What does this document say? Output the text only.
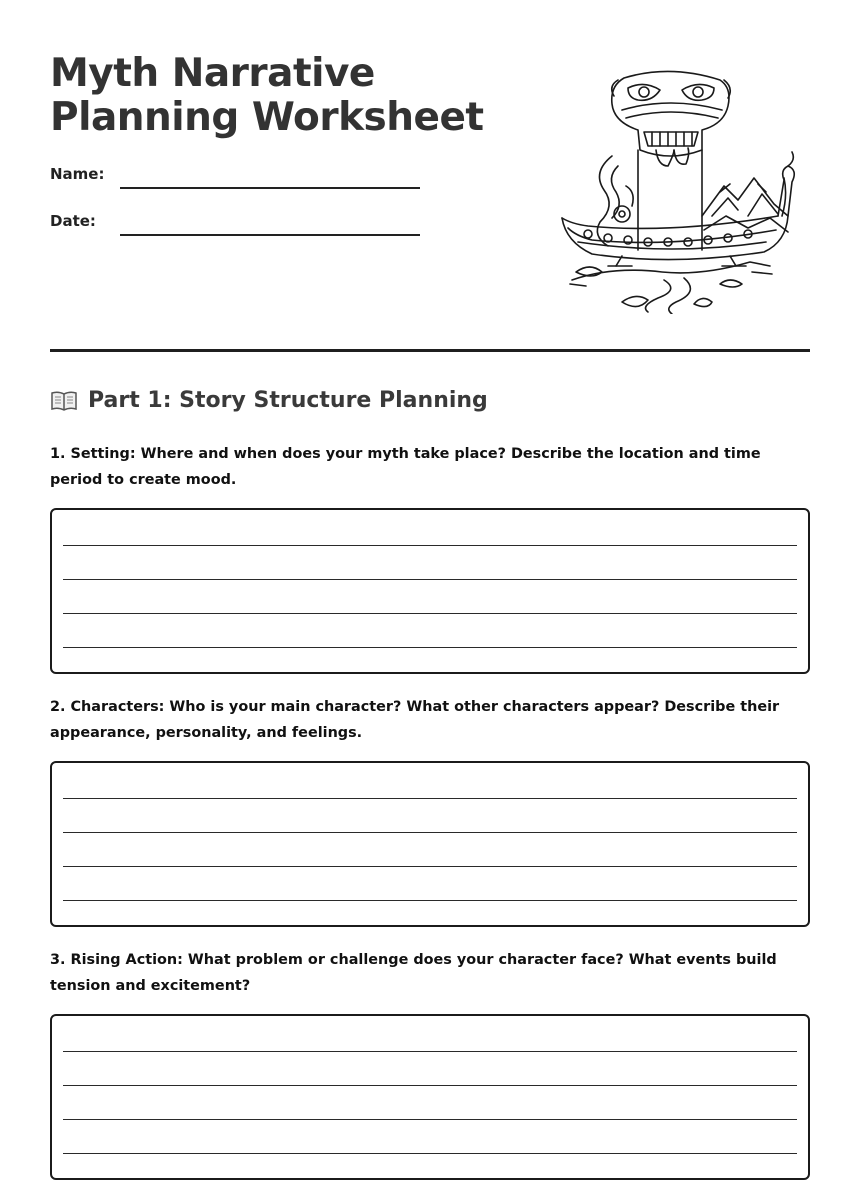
Myth Narrative
Planning Worksheet
Name:
Date:
Part 1: Story Structure Planning

1. Setting: Where and when does your myth take place? Describe the location and time period to create mood.

2. Characters: Who is your main character? What other characters appear? Describe their appearance, personality, and feelings.

3. Rising Action: What problem or challenge does your character face? What events build tension and excitement?
